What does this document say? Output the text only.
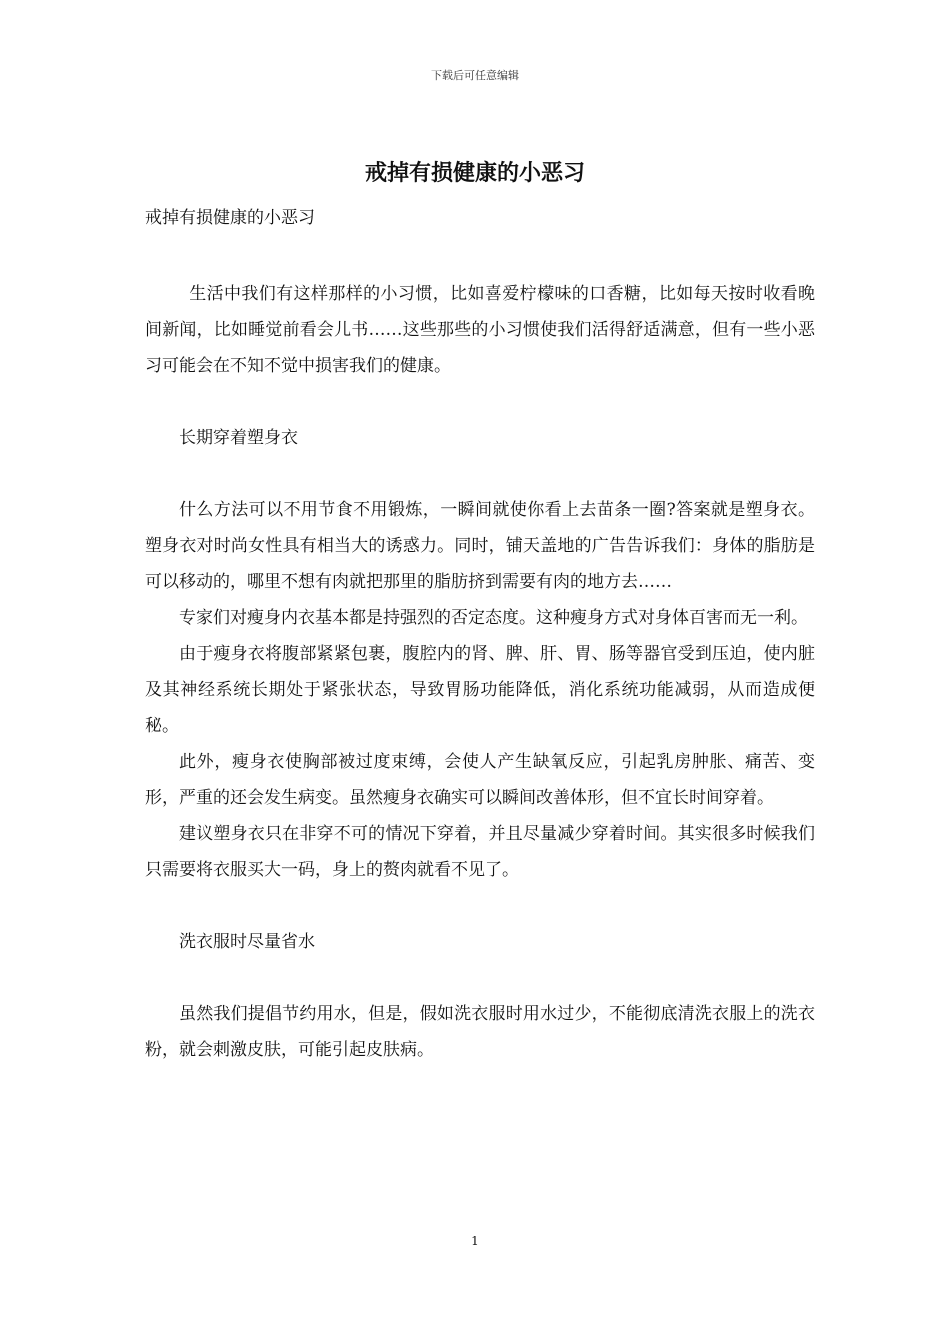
下载后可任意编辑
戒掉有损健康的小恶习

戒掉有损健康的小恶习

生活中我们有这样那样的小习惯，比如喜爱柠檬味的口香糖，比如每天按时收看晚间新闻，比如睡觉前看会儿书……这些那些的小习惯使我们活得舒适满意，但有一些小恶习可能会在不知不觉中损害我们的健康。

长期穿着塑身衣

什么方法可以不用节食不用锻炼，一瞬间就使你看上去苗条一圈?答案就是塑身衣。塑身衣对时尚女性具有相当大的诱惑力。同时，铺天盖地的广告告诉我们：身体的脂肪是可以移动的，哪里不想有肉就把那里的脂肪挤到需要有肉的地方去……

专家们对瘦身内衣基本都是持强烈的否定态度。这种瘦身方式对身体百害而无一利。

由于瘦身衣将腹部紧紧包裹，腹腔内的肾、脾、肝、胃、肠等器官受到压迫，使内脏及其神经系统长期处于紧张状态，导致胃肠功能降低，消化系统功能减弱，从而造成便秘。

此外，瘦身衣使胸部被过度束缚，会使人产生缺氧反应，引起乳房肿胀、痛苦、变形，严重的还会发生病变。虽然瘦身衣确实可以瞬间改善体形，但不宜长时间穿着。

建议塑身衣只在非穿不可的情况下穿着，并且尽量减少穿着时间。其实很多时候我们只需要将衣服买大一码，身上的赘肉就看不见了。

洗衣服时尽量省水

虽然我们提倡节约用水，但是，假如洗衣服时用水过少，不能彻底清洗衣服上的洗衣粉，就会刺激皮肤，可能引起皮肤病。

1
